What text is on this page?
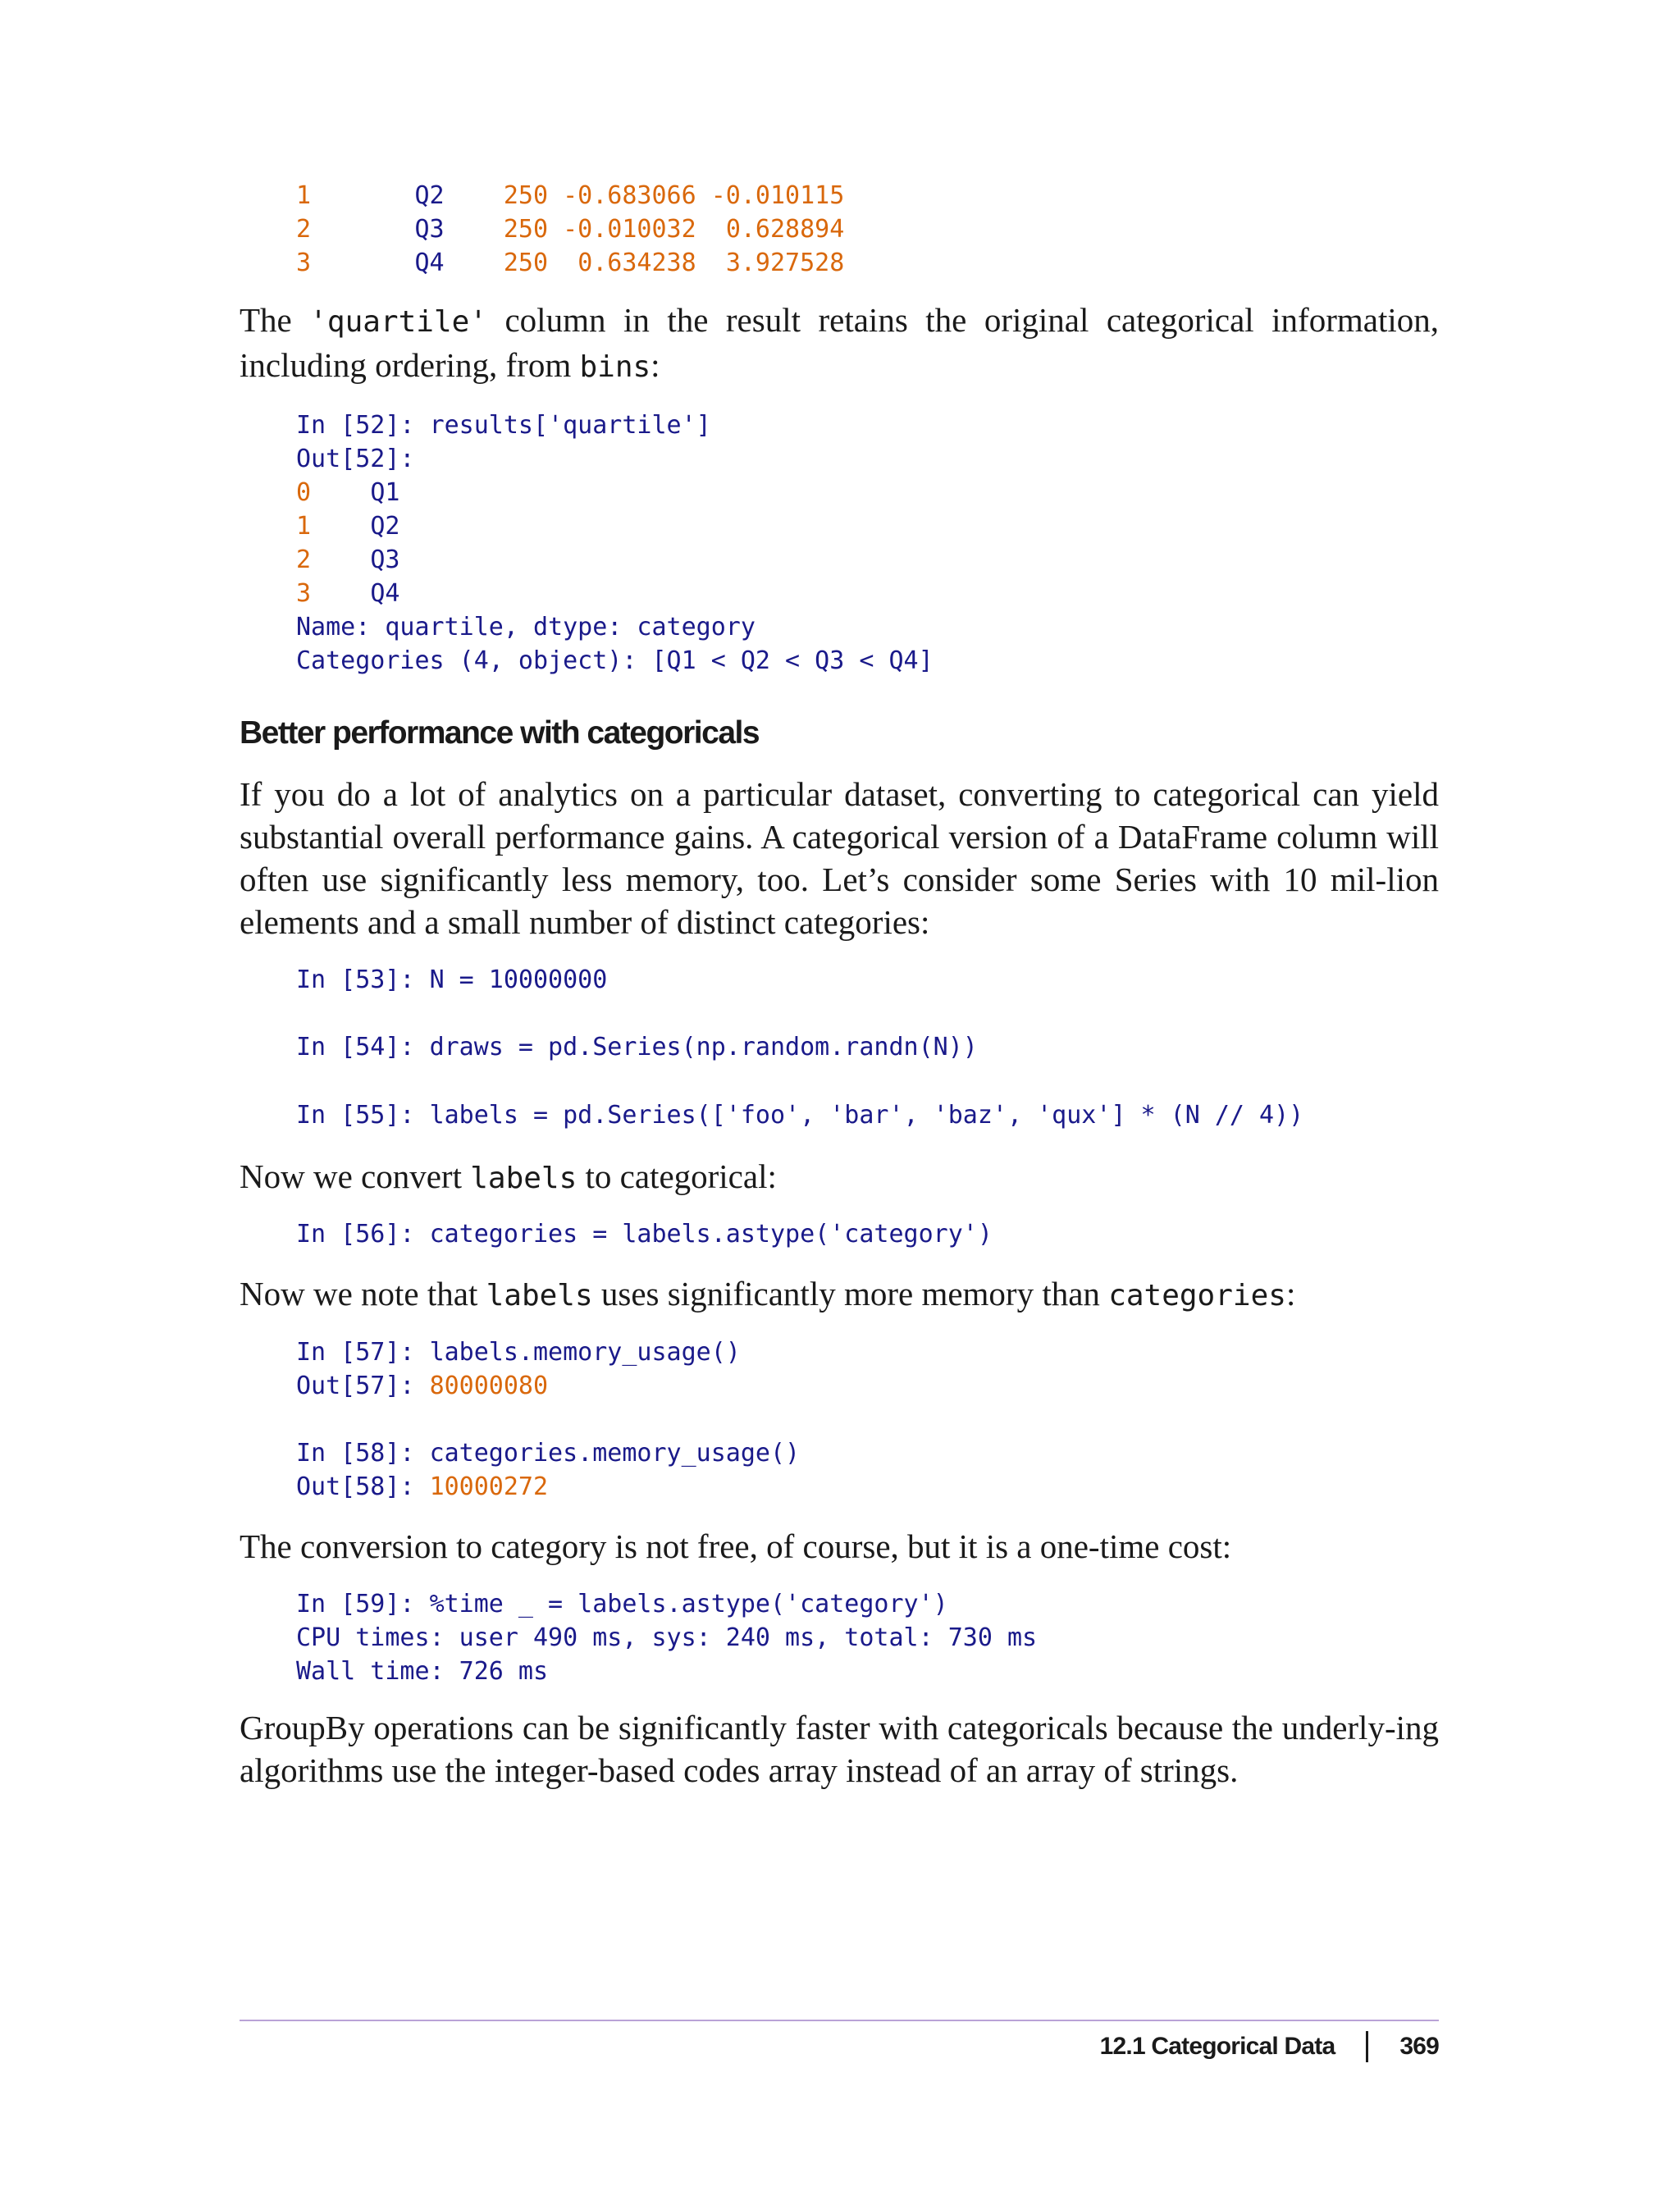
1	Q2 250 -0.683066 -0.010115
2	Q3 250 -0.010032 0.628894
3	Q4 250 0.634238 3.927528

The 'quartile' column in the result retains the original categorical information, including ordering, from bins:

In [52]: results['quartile']
Out[52]:
0 Q1
1 Q2
2 Q3
3 Q4
Name: quartile, dtype: category
Categories (4, object): [Q1 < Q2 < Q3 < Q4]
Better performance with categoricals

If you do a lot of analytics on a particular dataset, converting to categorical can yield substantial overall performance gains. A categorical version of a DataFrame column will often use significantly less memory, too. Let’s consider some Series with 10 mil-lion elements and a small number of distinct categories:

In [53]: N = 10000000
In [54]: draws = pd.Series(np.random.randn(N))
In [55]: labels = pd.Series(['foo', 'bar', 'baz', 'qux'] * (N // 4))

Now we convert labels to categorical:

In [56]: categories = labels.astype('category')

Now we note that labels uses significantly more memory than categories:

In [57]: labels.memory_usage()
Out[57]: 80000080
In [58]: categories.memory_usage()
Out[58]: 10000272

The conversion to category is not free, of course, but it is a one-time cost:

In [59]: %time _ = labels.astype('category')
CPU times: user 490 ms, sys: 240 ms, total: 730 ms
Wall time: 726 ms

GroupBy operations can be significantly faster with categoricals because the underly-ing algorithms use the integer-based codes array instead of an array of strings.

12.1 Categorical Data	369
